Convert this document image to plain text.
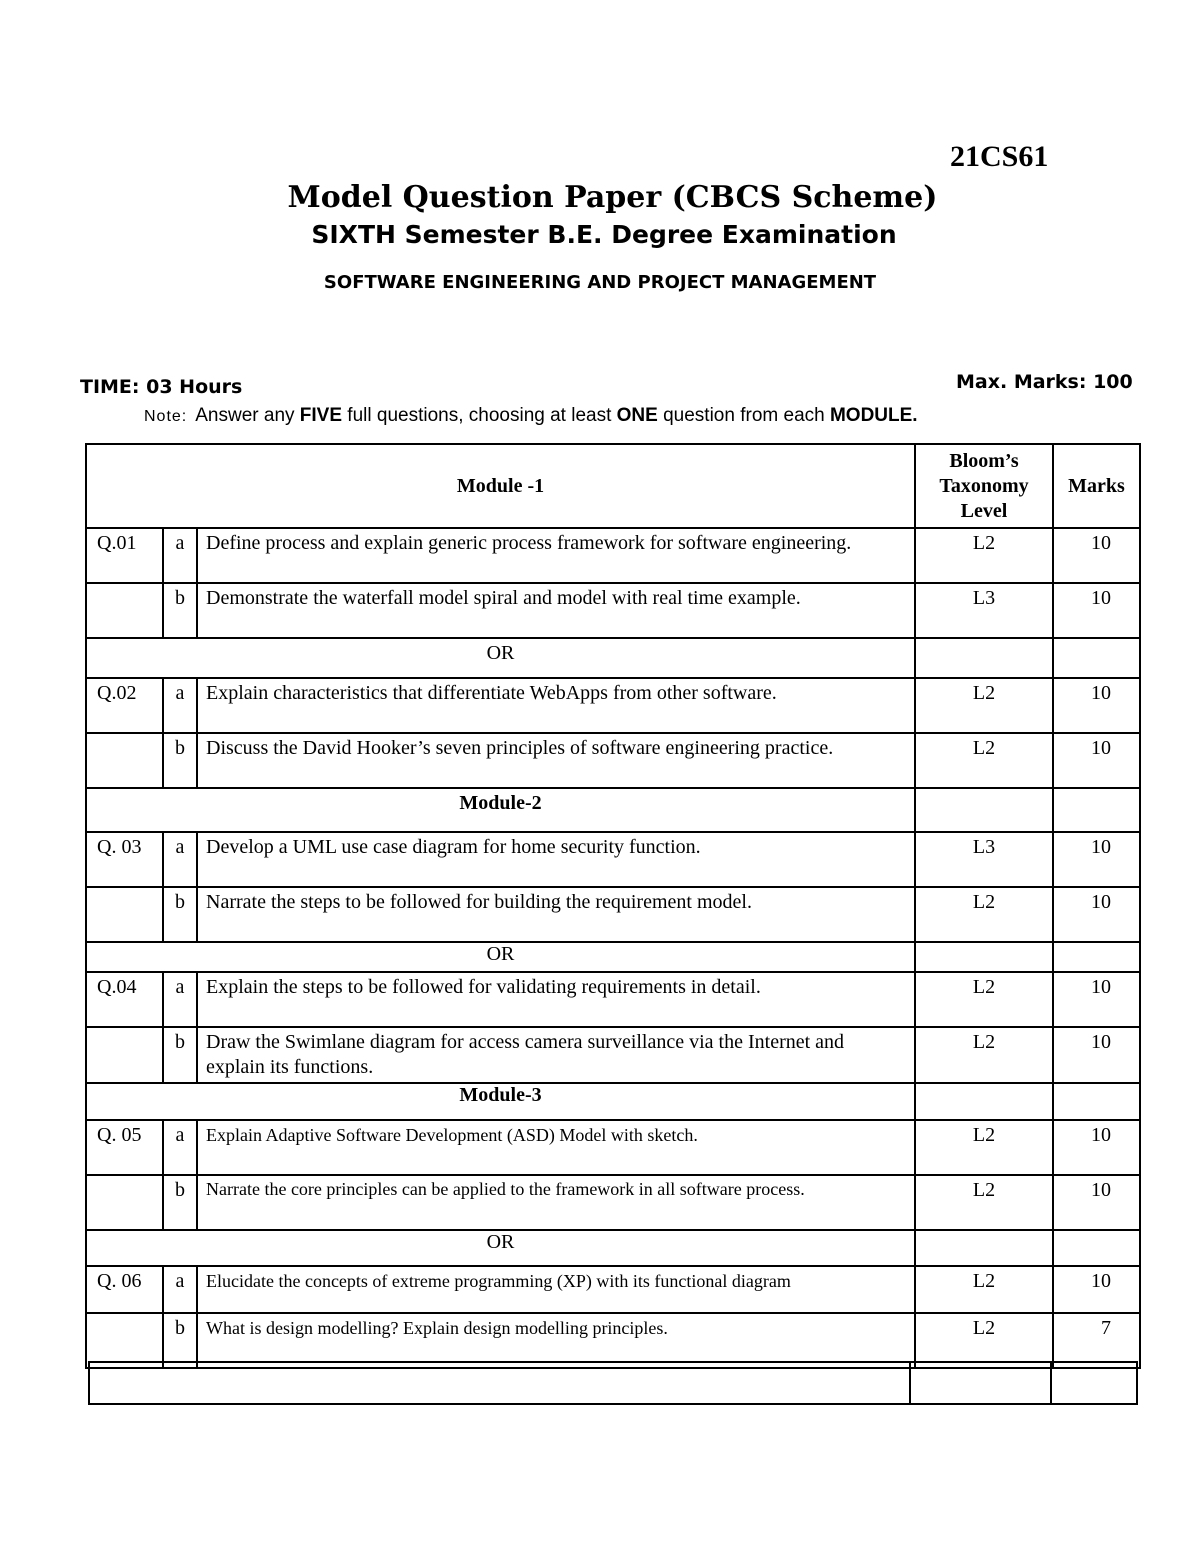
21CS61
Model Question Paper (CBCS Scheme)
SIXTH Semester B.E. Degree Examination
SOFTWARE ENGINEERING AND PROJECT MANAGEMENT
TIME: 03 Hours	Max. Marks: 100
Note: Answer any FIVE full questions, choosing at least ONE question from each MODULE.
Module -1			Bloom’s Taxonomy Level	Marks
Q.01	a	Define process and explain generic process framework for software engineering.	L2	10
	b	Demonstrate the waterfall model spiral and model with real time example.	L3	10
OR				
Q.02	a	Explain characteristics that differentiate WebApps from other software.	L2	10
	b	Discuss the David Hooker’s seven principles of software engineering practice.	L2	10
Module-2				
Q. 03	a	Develop a UML use case diagram for home security function.	L3	10
	b	Narrate the steps to be followed for building the requirement model.	L2	10
OR				
Q.04	a	Explain the steps to be followed for validating requirements in detail.	L2	10
	b	Draw the Swimlane diagram for access camera surveillance via the Internet and explain its functions.	L2	10
Module-3				
Q. 05	a	Explain Adaptive Software Development (ASD) Model with sketch.	L2	10
	b	Narrate the core principles can be applied to the framework in all software process.	L2	10
OR				
Q. 06	a	Elucidate the concepts of extreme programming (XP) with its functional diagram	L2	10
	b	What is design modelling? Explain design modelling principles.	L2	7
